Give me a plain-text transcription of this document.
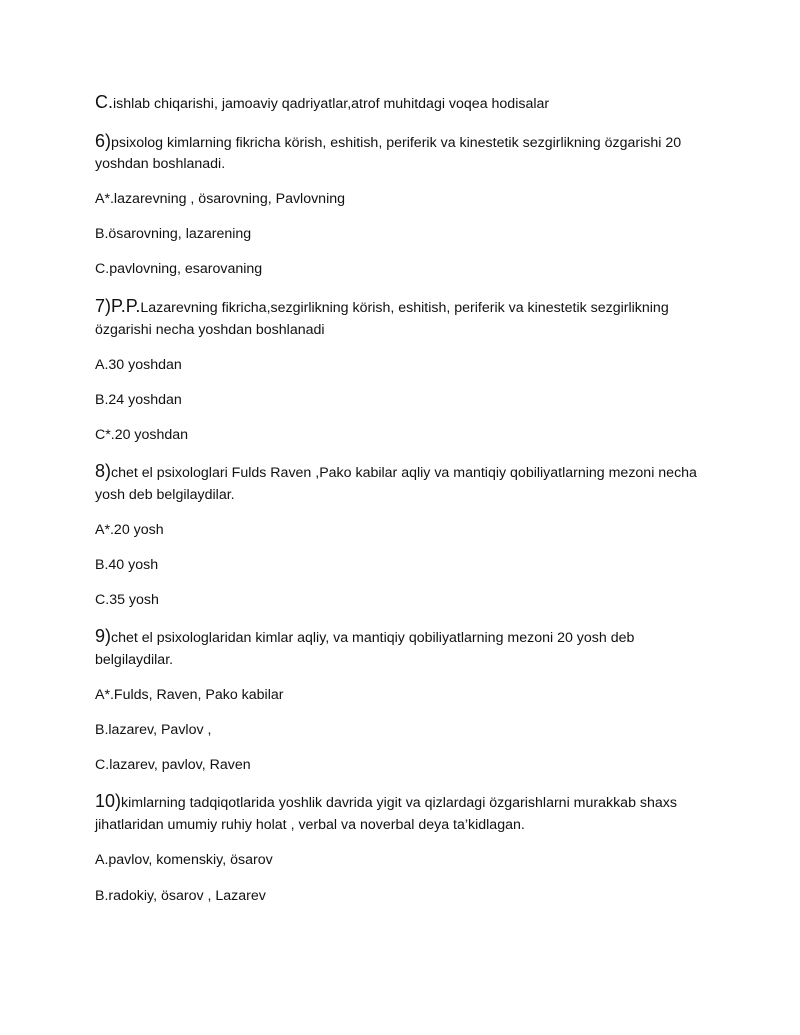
C.ishlab chiqarishi, jamoaviy qadriyatlar,atrof muhitdagi voqea hodisalar
6)psixolog kimlarning fikricha körish, eshitish, periferik va kinestetik sezgirlikning özgarishi 20
yoshdan boshlanadi.
A*.lazarevning , ösarovning, Pavlovning
B.ösarovning, lazarening
C.pavlovning, esarovaning
7)P.P.Lazarevning fikricha,sezgirlikning körish, eshitish, periferik va kinestetik sezgirlikning
özgarishi necha yoshdan boshlanadi
A.30 yoshdan
B.24 yoshdan
C*.20 yoshdan
8)chet el psixologlari Fulds Raven ,Pako kabilar aqliy va mantiqiy qobiliyatlarning mezoni necha
yosh deb belgilaydilar.
A*.20 yosh
B.40 yosh
C.35 yosh
9)chet el psixologlaridan kimlar aqliy, va mantiqiy qobiliyatlarning mezoni 20 yosh deb
belgilaydilar.
A*.Fulds, Raven, Pako kabilar
B.lazarev, Pavlov ,
C.lazarev, pavlov, Raven
10)kimlarning tadqiqotlarida yoshlik davrida yigit va qizlardagi özgarishlarni murakkab shaxs
jihatlaridan umumiy ruhiy holat , verbal va noverbal deya ta’kidlagan.
A.pavlov, komenskiy, ösarov
B.radokiy, ösarov , Lazarev
